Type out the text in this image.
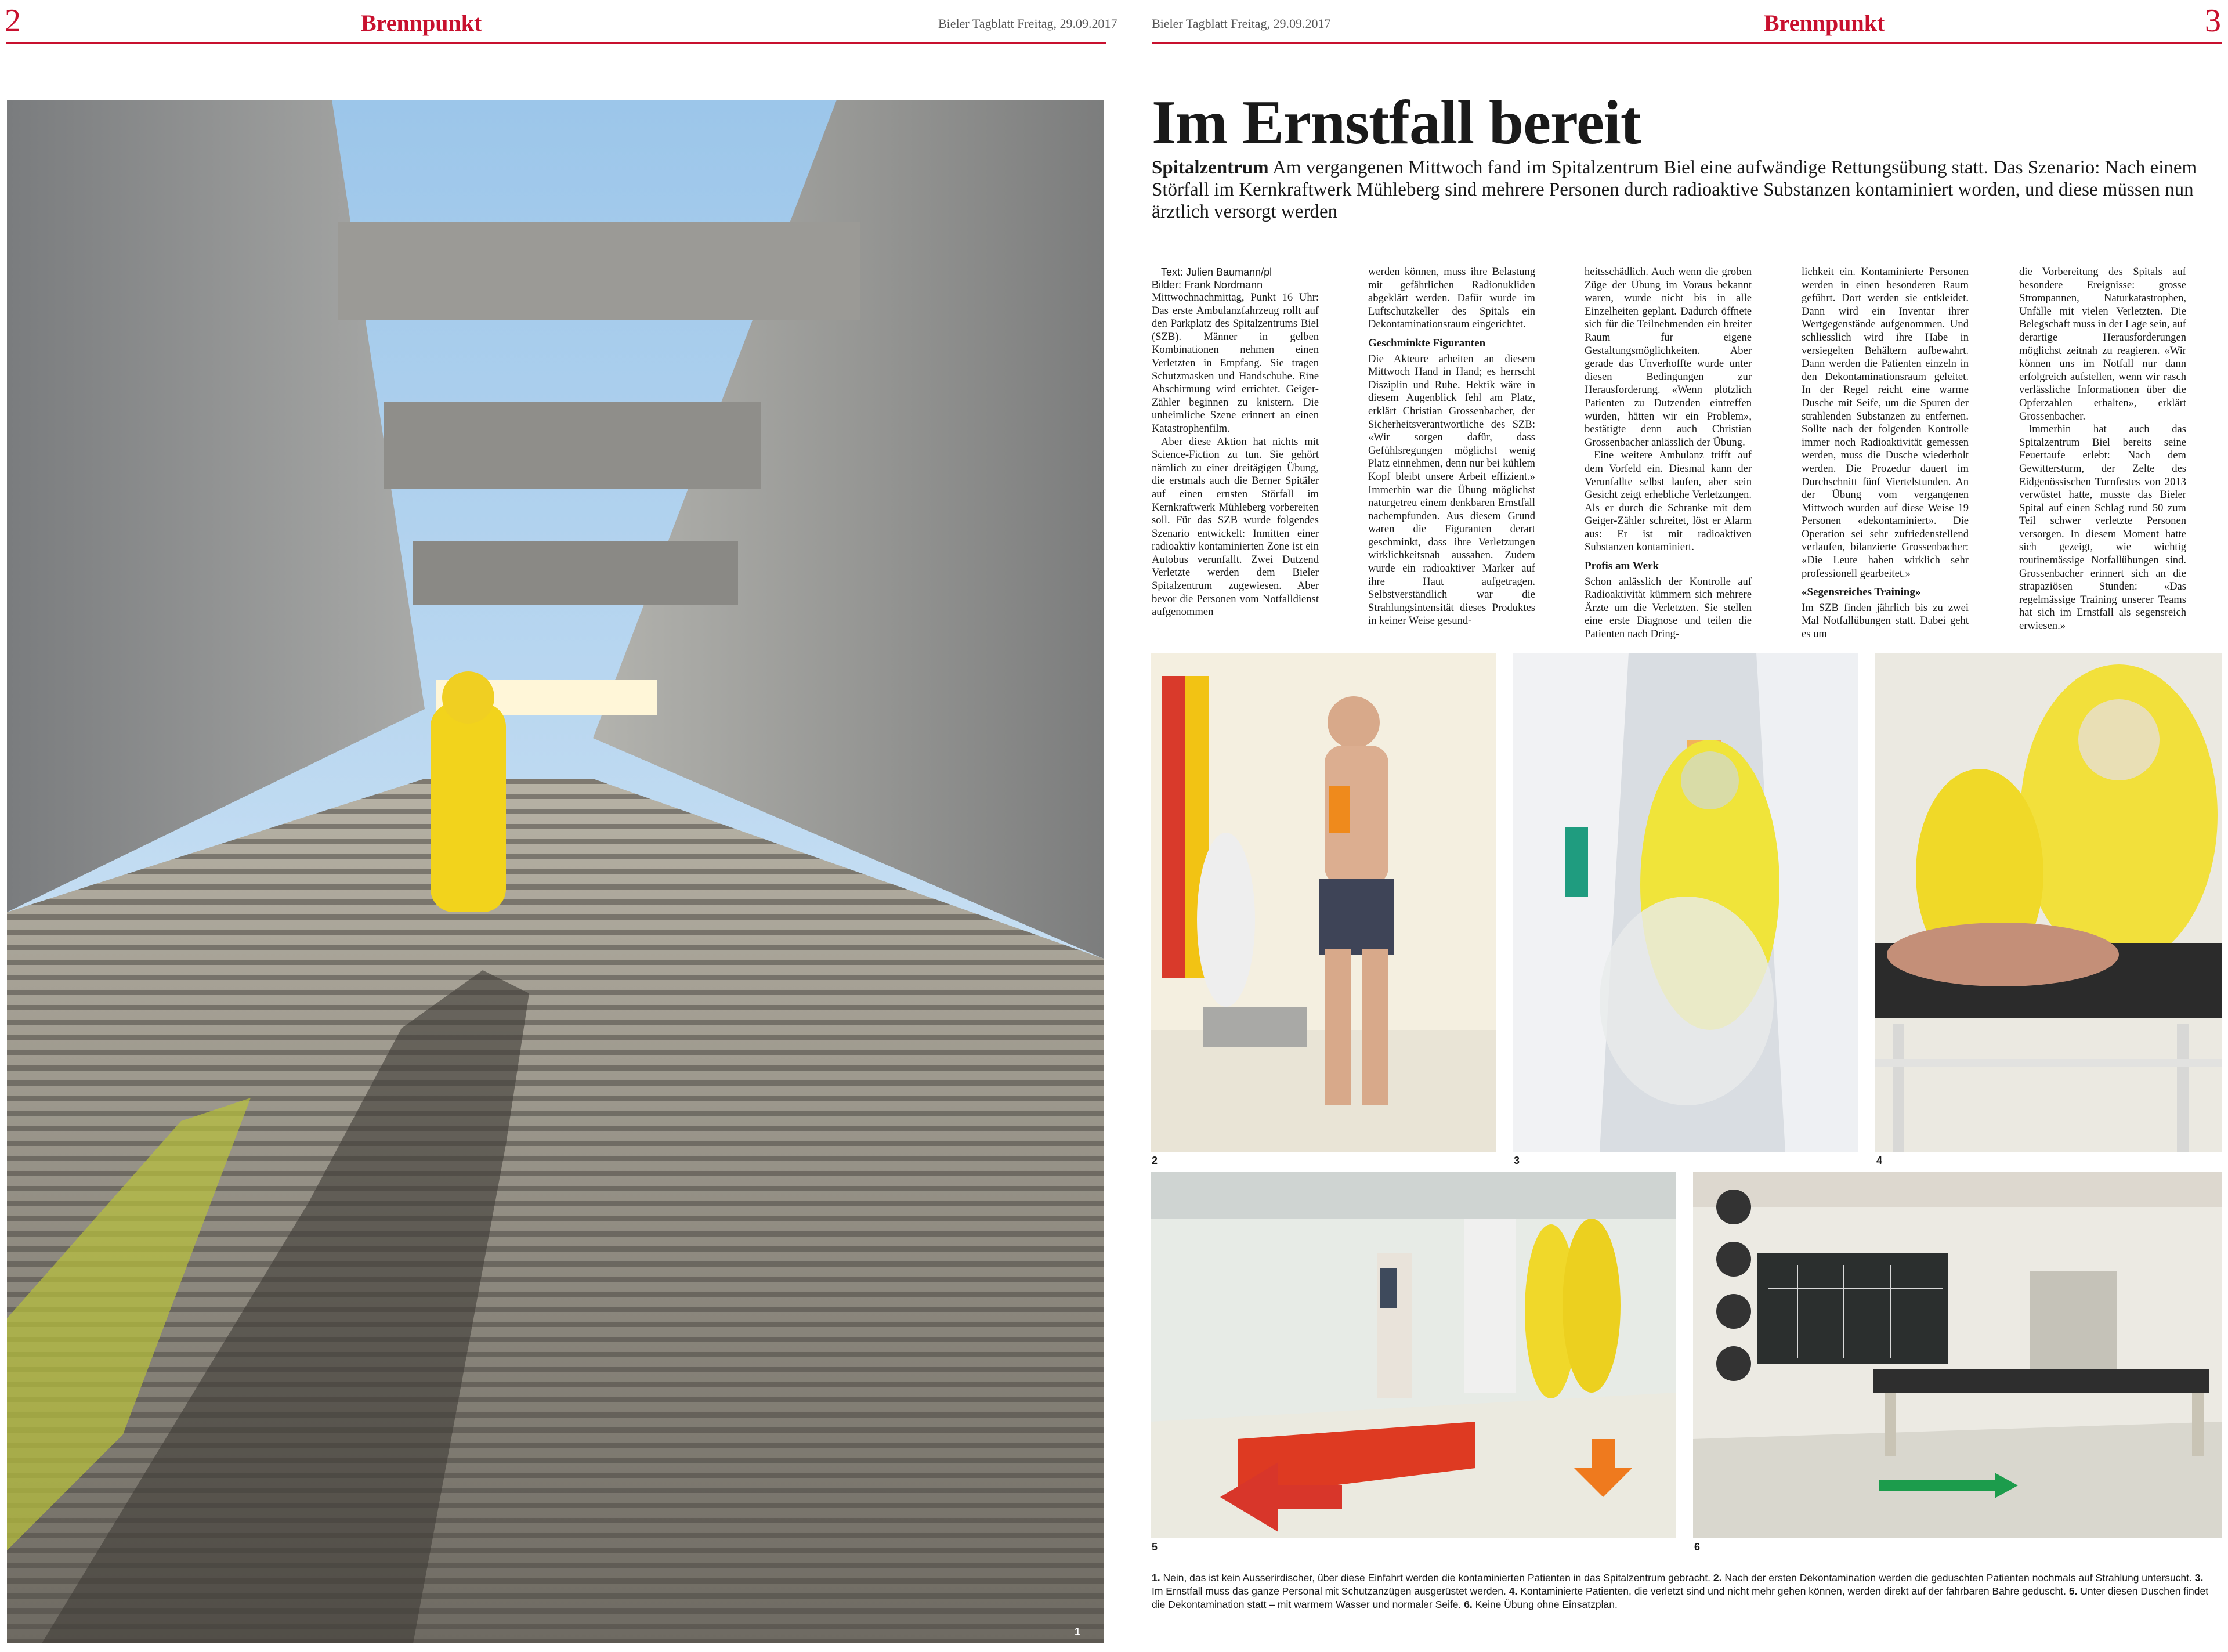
2	Brennpunkt	Bieler Tagblatt Freitag, 29.09.2017	Bieler Tagblatt Freitag, 29.09.2017	Brennpunkt	3
1
Im Ernstfall bereit
Spitalzentrum Am vergangenen Mittwoch fand im Spitalzentrum Biel eine aufwändige Rettungsübung statt. Das Szenario: Nach einem Störfall im Kernkraftwerk Mühleberg sind mehrere Personen durch radioaktive Substanzen kontaminiert worden, und diese müssen nun ärztlich versorgt werden

Text: Julien Baumann/pl
Bilder: Frank Nordmann

Mittwochnachmittag, Punkt 16 Uhr: Das erste Ambulanzfahrzeug rollt auf den Parkplatz des Spitalzentrums Biel (SZB). Männer in gelben Kombinationen nehmen einen Verletzten in Empfang. Sie tragen Schutzmasken und Handschuhe. Eine Abschirmung wird errichtet. Geiger-Zähler beginnen zu knistern. Die unheimliche Szene erinnert an einen Katastrophenfilm.

Aber diese Aktion hat nichts mit Science-Fiction zu tun. Sie gehört nämlich zu einer dreitägigen Übung, die erstmals auch die Berner Spitäler auf einen ernsten Störfall im Kernkraftwerk Mühleberg vorbereiten soll. Für das SZB wurde folgendes Szenario entwickelt: Inmitten einer radioaktiv kontaminierten Zone ist ein Autobus verunfallt. Zwei Dutzend Verletzte werden dem Bieler Spitalzentrum zugewiesen. Aber bevor die Personen vom Notfalldienst aufgenommen

werden können, muss ihre Belastung mit gefährlichen Radionukliden abgeklärt werden. Dafür wurde im Luftschutzkeller des Spitals ein Dekontaminationsraum eingerichtet.

Geschminkte Figuranten

Die Akteure arbeiten an diesem Mittwoch Hand in Hand; es herrscht Disziplin und Ruhe. Hektik wäre in diesem Augenblick fehl am Platz, erklärt Christian Grossenbacher, der Sicherheitsverantwortliche des SZB: «Wir sorgen dafür, dass Gefühlsregungen möglichst wenig Platz einnehmen, denn nur bei kühlem Kopf bleibt unsere Arbeit effizient.» Immerhin war die Übung möglichst naturgetreu einem denkbaren Ernstfall nachempfunden. Aus diesem Grund waren die Figuranten derart geschminkt, dass ihre Verletzungen wirklichkeitsnah aussahen. Zudem wurde ein radioaktiver Marker auf ihre Haut aufgetragen. Selbstverständlich war die Strahlungsintensität dieses Produktes in keiner Weise gesund-

heitsschädlich. Auch wenn die groben Züge der Übung im Voraus bekannt waren, wurde nicht bis in alle Einzelheiten geplant. Dadurch öffnete sich für die Teilnehmenden ein breiter Raum für eigene Gestaltungsmöglichkeiten. Aber gerade das Unverhoffte wurde unter diesen Bedingungen zur Herausforderung. «Wenn plötzlich Patienten zu Dutzenden eintreffen würden, hätten wir ein Problem», bestätigte denn auch Christian Grossenbacher anlässlich der Übung.

Eine weitere Ambulanz trifft auf dem Vorfeld ein. Diesmal kann der Verunfallte selbst laufen, aber sein Gesicht zeigt erhebliche Verletzungen. Als er durch die Schranke mit dem Geiger-Zähler schreitet, löst er Alarm aus: Er ist mit radioaktiven Substanzen kontaminiert.

Profis am Werk

Schon anlässlich der Kontrolle auf Radioaktivität kümmern sich mehrere Ärzte um die Verletzten. Sie stellen eine erste Diagnose und teilen die Patienten nach Dring-

lichkeit ein. Kontaminierte Personen werden in einen besonderen Raum geführt. Dort werden sie entkleidet. Dann wird ein Inventar ihrer Wertgegenstände aufgenommen. Und schliesslich wird ihre Habe in versiegelten Behältern aufbewahrt. Dann werden die Patienten einzeln in den Dekontaminationsraum geleitet. In der Regel reicht eine warme Dusche mit Seife, um die Spuren der strahlenden Substanzen zu entfernen. Sollte nach der folgenden Kontrolle immer noch Radioaktivität gemessen werden, muss die Dusche wiederholt werden. Die Prozedur dauert im Durchschnitt fünf Viertelstunden. An der Übung vom vergangenen Mittwoch wurden auf diese Weise 19 Personen «dekontaminiert». Die Operation sei sehr zufriedenstellend verlaufen, bilanzierte Grossenbacher: «Die Leute haben wirklich sehr professionell gearbeitet.»

«Segensreiches Training»

Im SZB finden jährlich bis zu zwei Mal Notfallübungen statt. Dabei geht es um

die Vorbereitung des Spitals auf besondere Ereignisse: grosse Strompannen, Naturkatastrophen, Unfälle mit vielen Verletzten. Die Belegschaft muss in der Lage sein, auf derartige Herausforderungen möglichst zeitnah zu reagieren. «Wir können uns im Notfall nur dann erfolgreich aufstellen, wenn wir rasch verlässliche Informationen über die Opferzahlen erhalten», erklärt Grossenbacher.

Immerhin hat auch das Spitalzentrum Biel bereits seine Feuertaufe erlebt: Nach dem Gewittersturm, der Zelte des Eidgenössischen Turnfestes von 2013 verwüstet hatte, musste das Bieler Spital auf einen Schlag rund 50 zum Teil schwer verletzte Personen versorgen. In diesem Moment hatte sich gezeigt, wie wichtig routinemässige Notfallübungen sind. Grossenbacher erinnert sich an die strapaziösen Stunden: «Das regelmässige Training unserer Teams hat sich im Ernstfall als segensreich erwiesen.»

2	3	4
5	6
1. Nein, das ist kein Ausserirdischer, über diese Einfahrt werden die kontaminierten Patienten in das Spitalzentrum gebracht. 2. Nach der ersten Dekontamination werden die geduschten Patienten nochmals auf Strahlung untersucht. 3. Im Ernstfall muss das ganze Personal mit Schutzanzügen ausgerüstet werden. 4. Kontaminierte Patienten, die verletzt sind und nicht mehr gehen können, werden direkt auf der fahrbaren Bahre geduscht. 5. Unter diesen Duschen findet die Dekontamination statt – mit warmem Wasser und normaler Seife. 6. Keine Übung ohne Einsatzplan.
